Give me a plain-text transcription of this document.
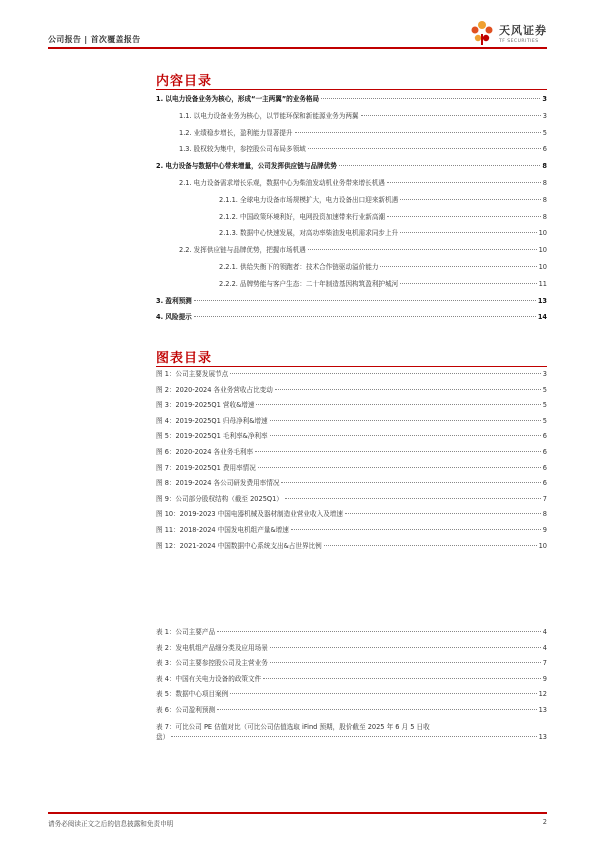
公司报告 | 首次覆盖报告
天风证券
TF SECURITIES
内容目录
1. 以电力设备业务为核心，形成“一主两翼”的业务格局	3
1.1. 以电力设备业务为核心，以节能环保和新能源业务为两翼	3
1.2. 业绩稳步增长，盈利能力显著提升	5
1.3. 股权较为集中，参控股公司布局多领域	6
2. 电力设备与数据中心带来增量，公司发挥供应链与品牌优势	8
2.1. 电力设备需求增长乐观，数据中心为柴油发动机业务带来增长机遇	8
2.1.1. 全球电力设备市场规模扩大，电力设备出口迎来新机遇	8
2.1.2. 中国政策环境利好，电网投资加速带来行业新高潮	8
2.1.3. 数据中心快速发展，对高功率柴油发电机需求同步上升	10
2.2. 发挥供应链与品牌优势，把握市场机遇	10
2.2.1. 供给失衡下的领跑者：技术合作链驱动溢价能力	10
2.2.2. 品牌势能与客户生态：二十年制造基因构筑盈利护城河	11
3. 盈利预测	13
4. 风险提示	14
图表目录
图 1：公司主要发展节点	3
图 2：2020-2024 各业务营收占比变动	5
图 3：2019-2025Q1 营收&增速	5
图 4：2019-2025Q1 归母净利&增速	5
图 5：2019-2025Q1 毛利率&净利率	6
图 6：2020-2024 各业务毛利率	6
图 7：2019-2025Q1 费用率情况	6
图 8：2019-2024 各公司研发费用率情况	6
图 9：公司部分股权结构（截至 2025Q1）	7
图 10：2019-2023 中国电器机械及器材制造业营业收入及增速	8
图 11：2018-2024 中国发电机组产量&增速	9
图 12：2021-2024 中国数据中心系统支出&占世界比例	10
表 1：公司主要产品	4
表 2：发电机组产品细分类及应用场景	4
表 3：公司主要参控股公司及主营业务	7
表 4：中国有关电力设备的政策文件	9
表 5：数据中心项目案例	12
表 6：公司盈利预测	13
表 7：可比公司 PE 估值对比（可比公司估值选取 iFind 预期，股价截至 2025 年 6 月 5 日收
盘）	13
请务必阅读正文之后的信息披露和免责申明	2
